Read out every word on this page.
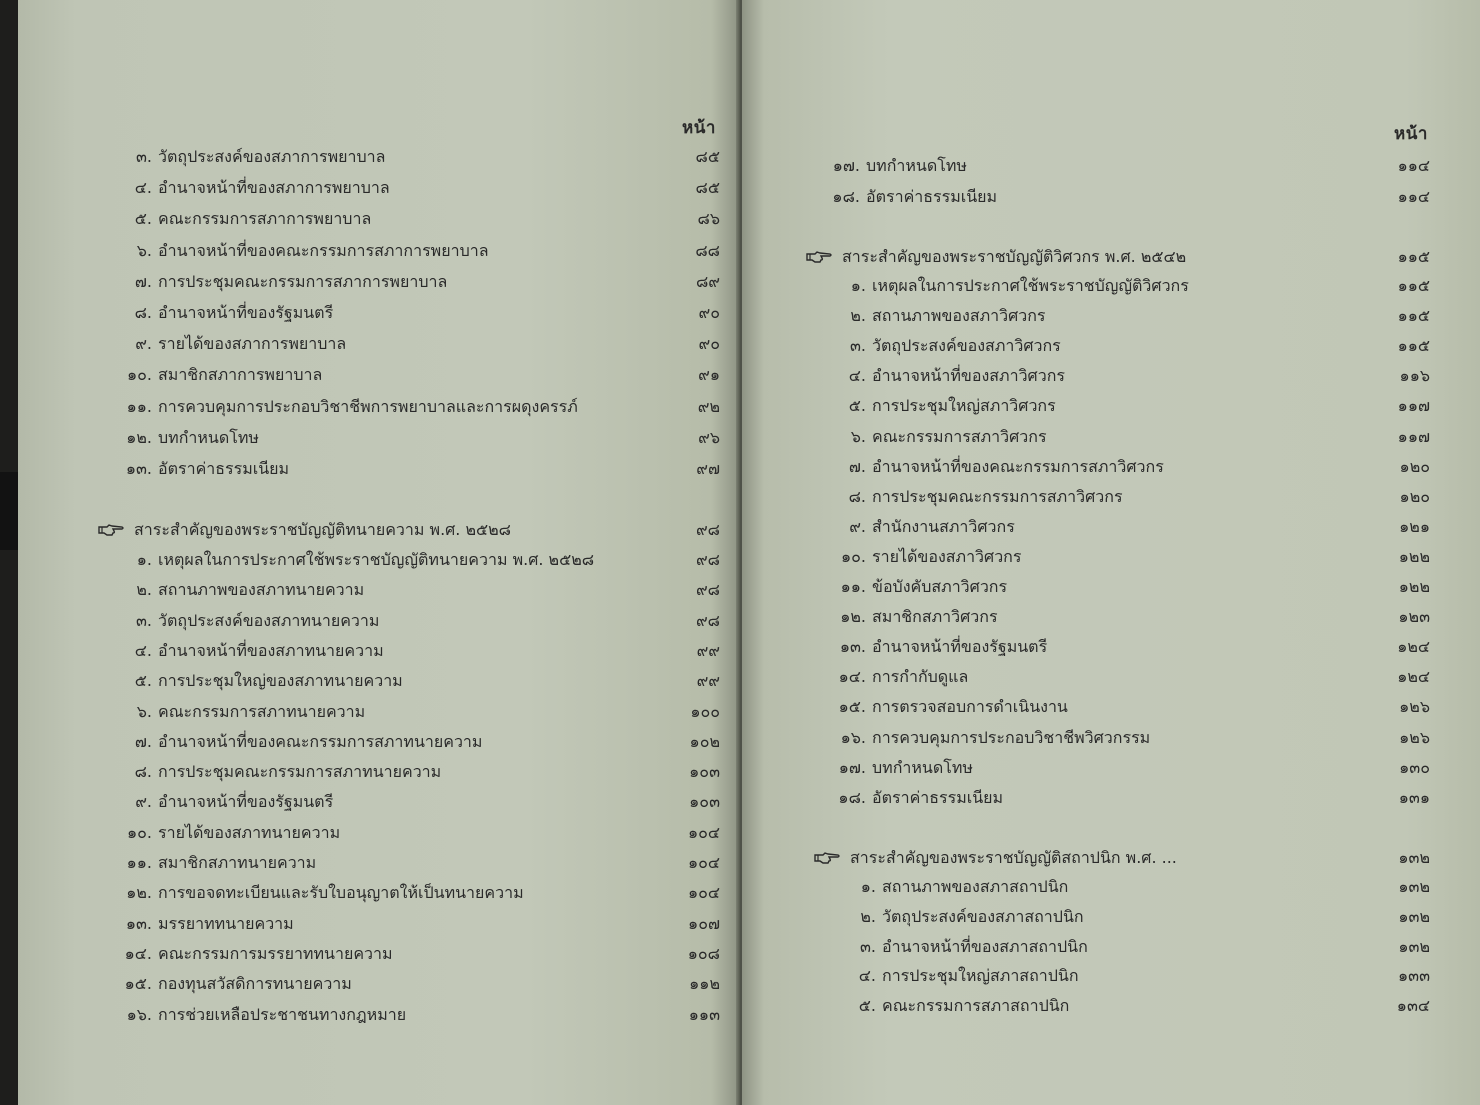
หน้า
๓. วัตถุประสงค์ของสภาการพยาบาล	๘๕
๔. อำนาจหน้าที่ของสภาการพยาบาล	๘๕
๕. คณะกรรมการสภาการพยาบาล	๘๖
๖. อำนาจหน้าที่ของคณะกรรมการสภาการพยาบาล	๘๘
๗. การประชุมคณะกรรมการสภาการพยาบาล	๘๙
๘. อำนาจหน้าที่ของรัฐมนตรี	๙๐
๙. รายได้ของสภาการพยาบาล	๙๐
๑๐. สมาชิกสภาการพยาบาล	๙๑
๑๑. การควบคุมการประกอบวิชาชีพการพยาบาลและการผดุงครรภ์	๙๒
๑๒. บทกำหนดโทษ	๙๖
๑๓. อัตราค่าธรรมเนียม	๙๗
สาระสำคัญของพระราชบัญญัติทนายความ พ.ศ. ๒๕๒๘	๙๘
๑. เหตุผลในการประกาศใช้พระราชบัญญัติทนายความ พ.ศ. ๒๕๒๘	๙๘
๒. สถานภาพของสภาทนายความ	๙๘
๓. วัตถุประสงค์ของสภาทนายความ	๙๘
๔. อำนาจหน้าที่ของสภาทนายความ	๙๙
๕. การประชุมใหญ่ของสภาทนายความ	๙๙
๖. คณะกรรมการสภาทนายความ	๑๐๐
๗. อำนาจหน้าที่ของคณะกรรมการสภาทนายความ	๑๐๒
๘. การประชุมคณะกรรมการสภาทนายความ	๑๐๓
๙. อำนาจหน้าที่ของรัฐมนตรี	๑๐๓
๑๐. รายได้ของสภาทนายความ	๑๐๔
๑๑. สมาชิกสภาทนายความ	๑๐๔
๑๒. การขอจดทะเบียนและรับใบอนุญาตให้เป็นทนายความ	๑๐๔
๑๓. มรรยาททนายความ	๑๐๗
๑๔. คณะกรรมการมรรยาททนายความ	๑๐๘
๑๕. กองทุนสวัสดิการทนายความ	๑๑๒
๑๖. การช่วยเหลือประชาชนทางกฎหมาย	๑๑๓
หน้า
๑๗. บทกำหนดโทษ	๑๑๔
๑๘. อัตราค่าธรรมเนียม	๑๑๔
สาระสำคัญของพระราชบัญญัติวิศวกร พ.ศ. ๒๕๔๒	๑๑๕
๑. เหตุผลในการประกาศใช้พระราชบัญญัติวิศวกร	๑๑๕
๒. สถานภาพของสภาวิศวกร	๑๑๕
๓. วัตถุประสงค์ของสภาวิศวกร	๑๑๕
๔. อำนาจหน้าที่ของสภาวิศวกร	๑๑๖
๕. การประชุมใหญ่สภาวิศวกร	๑๑๗
๖. คณะกรรมการสภาวิศวกร	๑๑๗
๗. อำนาจหน้าที่ของคณะกรรมการสภาวิศวกร	๑๒๐
๘. การประชุมคณะกรรมการสภาวิศวกร	๑๒๐
๙. สำนักงานสภาวิศวกร	๑๒๑
๑๐. รายได้ของสภาวิศวกร	๑๒๒
๑๑. ข้อบังคับสภาวิศวกร	๑๒๒
๑๒. สมาชิกสภาวิศวกร	๑๒๓
๑๓. อำนาจหน้าที่ของรัฐมนตรี	๑๒๔
๑๔. การกำกับดูแล	๑๒๔
๑๕. การตรวจสอบการดำเนินงาน	๑๒๖
๑๖. การควบคุมการประกอบวิชาชีพวิศวกรรม	๑๒๖
๑๗. บทกำหนดโทษ	๑๓๐
๑๘. อัตราค่าธรรมเนียม	๑๓๑
สาระสำคัญของพระราชบัญญัติสถาปนิก พ.ศ. ...	๑๓๒
๑. สถานภาพของสภาสถาปนิก	๑๓๒
๒. วัตถุประสงค์ของสภาสถาปนิก	๑๓๒
๓. อำนาจหน้าที่ของสภาสถาปนิก	๑๓๒
๔. การประชุมใหญ่สภาสถาปนิก	๑๓๓
๕. คณะกรรมการสภาสถาปนิก	๑๓๔
